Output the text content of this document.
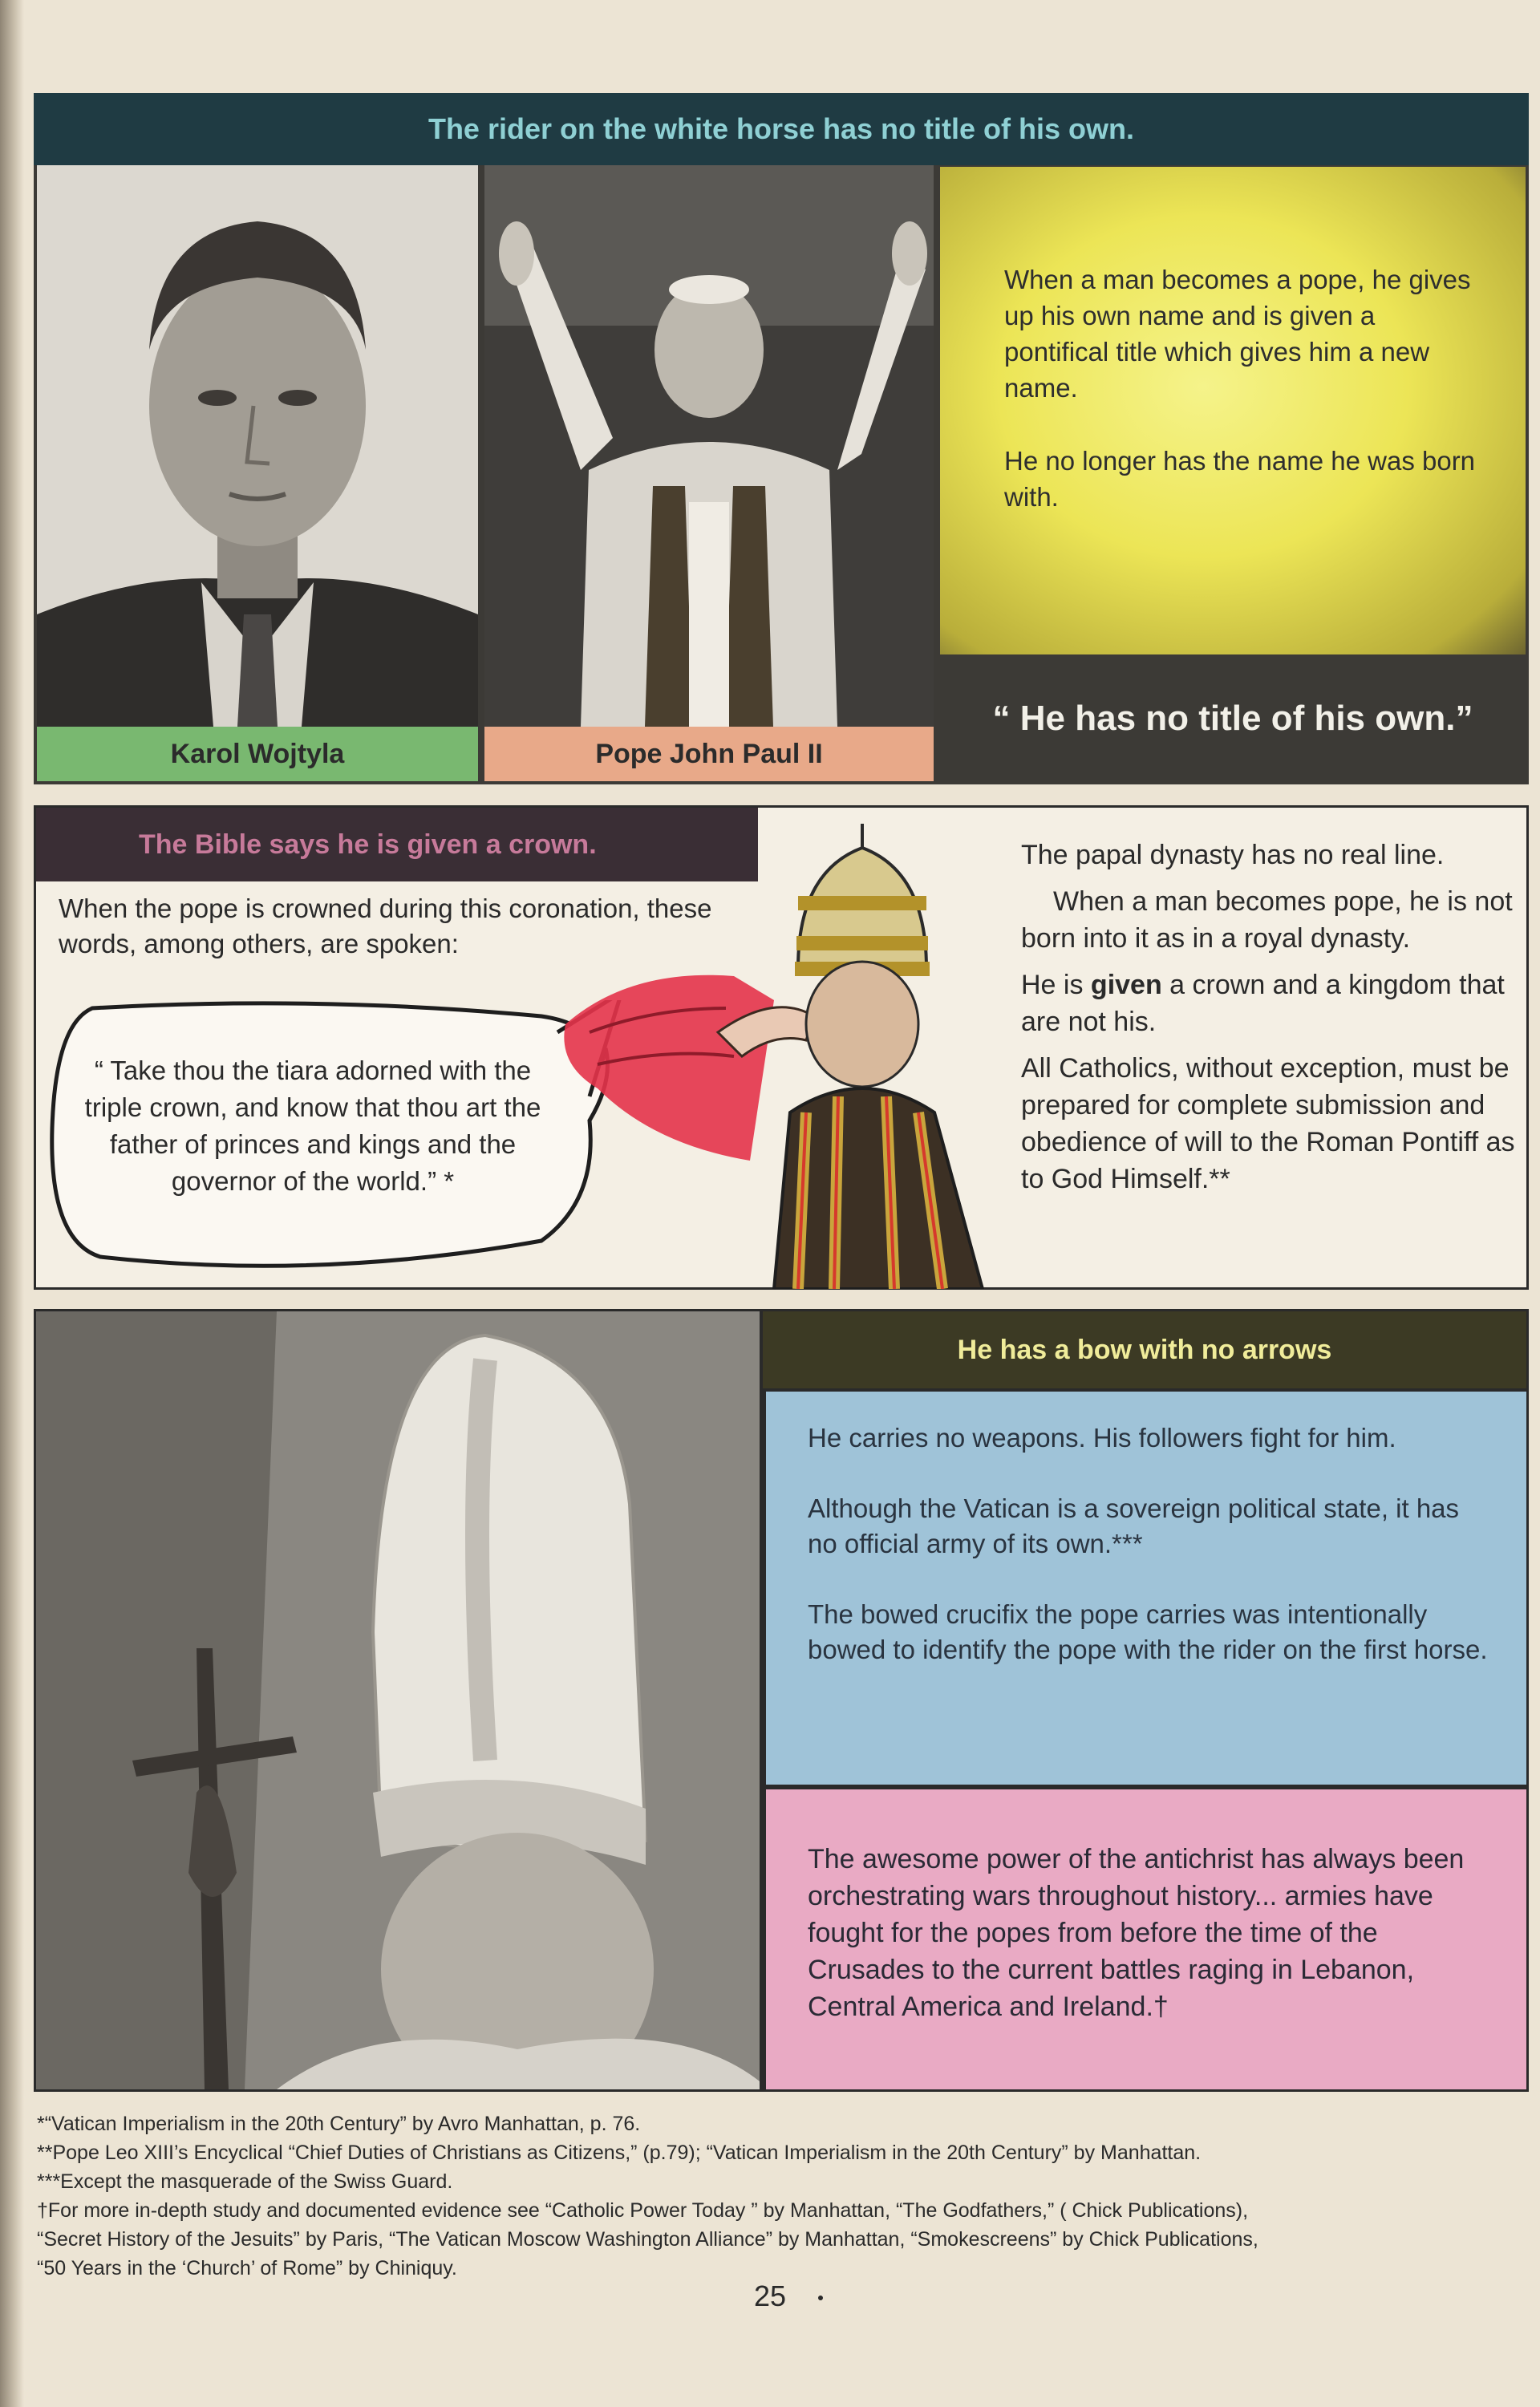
The rider on the white horse has no title of his own.
Karol Wojtyla	Pope John Paul II

When a man becomes a pope, he gives up his own name and is given a pontifical title which gives him a new name.

He no longer has the name he was born with.

“ He has no title of his own.”
The Bible says he is given a crown.
When the pope is crowned during this coronation, these words, among others, are spoken:
“ Take thou the tiara adorned with the triple crown, and know that thou art the father of princes and kings and the governor of the world.” *

The papal dynasty has no real line.

When a man becomes pope, he is not born into it as in a royal dynasty.

He is given a crown and a kingdom that are not his.

All Catholics, without exception, must be prepared for complete submission and obedience of will to the Roman Pontiff as to God Himself.**

He has a bow with no arrows

He carries no weapons. His followers fight for him.

Although the Vatican is a sovereign political state, it has no official army of its own.***

The bowed crucifix the pope carries was intentionally bowed to identify the pope with the rider on the first horse.

The awesome power of the antichrist has always been orchestrating wars throughout history... armies have fought for the popes from before the time of the Crusades to the current battles raging in Lebanon, Central America and Ireland.†

*“Vatican Imperialism in the 20th Century” by Avro Manhattan, p. 76.
**Pope Leo XIII’s Encyclical “Chief Duties of Christians as Citizens,” (p.79); “Vatican Imperialism in the 20th Century” by Manhattan.
***Except the masquerade of the Swiss Guard.
†For more in-depth study and documented evidence see “Catholic Power Today ” by Manhattan, “The Godfathers,” ( Chick Publications),
“Secret History of the Jesuits” by Paris, “The Vatican Moscow Washington Alliance” by Manhattan, “Smokescreens” by Chick Publications,
“50 Years in the ‘Church’ of Rome” by Chiniquy.
25
